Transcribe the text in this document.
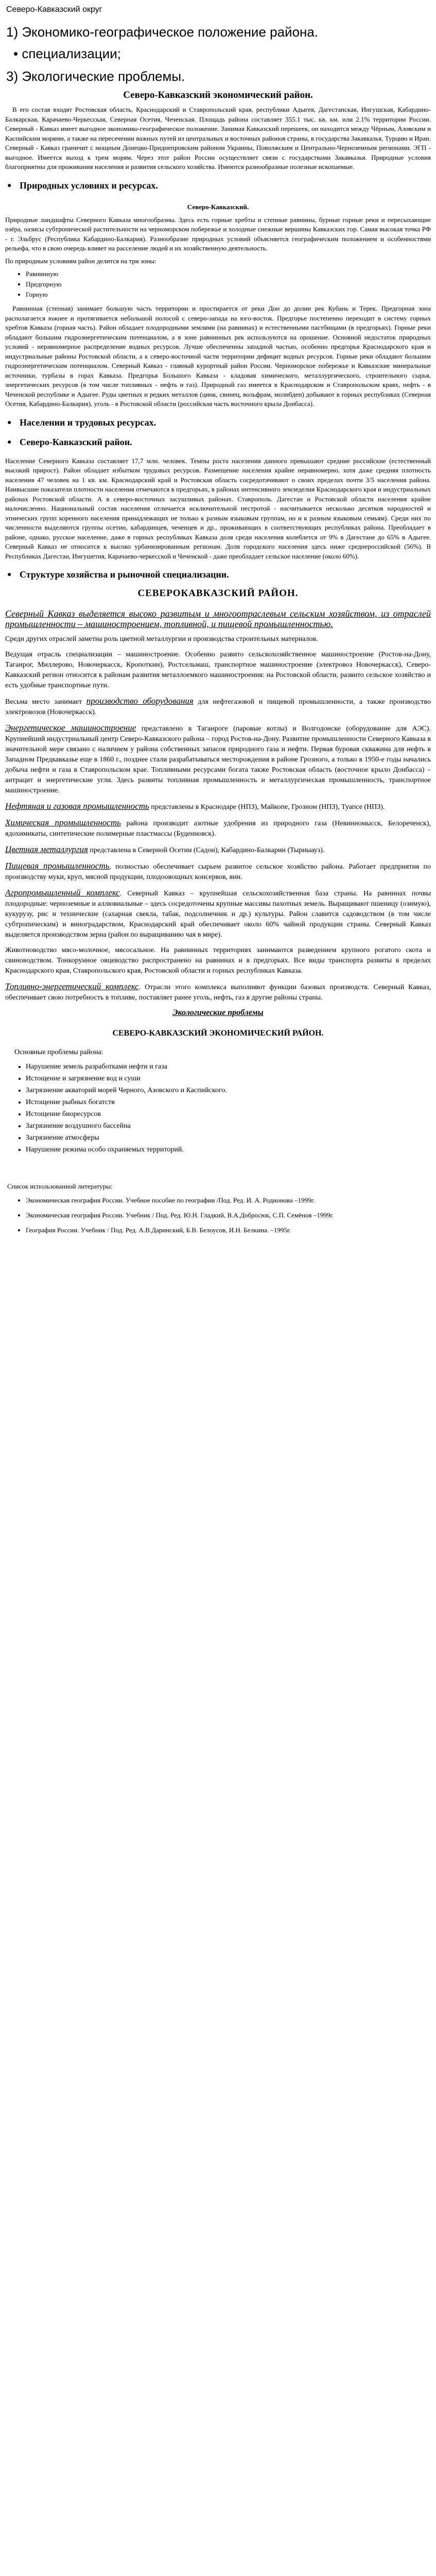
Северо-Кавказский округ
1) Экономико-географическое положение района.
• специализации;
3) Экологические проблемы.
Северо-Кавказский экономический район.

В его состав входят Ростовская область, Краснодарский и Ставропольский края, республики Адыгея, Дагестанская, Ингушская, Кабардино-Балкарская, Карачаево-Черкесская, Северная Осетия, Чеченская. Площадь района составляет 355.1 тыс. кв. км. или 2.1% территории России. Северный - Кавказ имеет выгодное экономико-географическое положение. Занимая Кавказский перешеек, он находится между Чёрным, Азовским и Каспийским морями, а также на пересечении важных путей из центральных и восточных районов страны, в государства Закавказья, Турцию и Иран. Северный - Кавказ граничит с мощным Донецко-Приднепровским районом Украины, Поволжским и Центрально-Черноземным регионами. ЭГП - выгодное. Имеется выход к трем морям. Через этот район России осуществляет связи с государствами Закавказья. Природные условия благоприятны для проживания населения и развития сельского хозяйства. Имеются разнообразные полезные ископаемые.

● Природных условиях и ресурсах.
Северо-Кавказский.

Природные ландшафты Северного Кавказа многообразны. Здесь есть горные хребты и степные равнины, бурные горные реки и пересыхающие озёра, оазисы субтропической растительности на черноморском побережье и холодные снежные вершины Кавказских гор. Самая высокая точка РФ - г. Эльбрус (Республика Кабардино-Балкария). Разнообразие природных условий объясняется географическим положением и особенностями рельефа, что в свою очередь влияет на расселение людей и их хозяйственную деятельность.

По природным условиям район делится на три зоны:

• Равнинную
• Предгорную
• Горную

Равнинная (степная) занимает большую часть территории и простирается от реки Дон до долин рек Кубань и Терек. Предгорная зона располагается южнее и протягивается небольшой полосой с северо-запада на юго-восток. Предгорье постепенно переходит в систему горных хребтов Кавказа (горная часть). Район обладает плодородными землями (на равнинах) и естественными пастбищами (в предгорьях). Горные реки обладают большим гидроэнергетическим потенциалом, а в зоне равнинных рек используются на орошение. Основной недостаток природных условий - неравномерное распределение водных ресурсов. Лучше обеспеченны западной частью, особенно предгорья Краснодарского края и индустриальные районы Ростовской области, а к северо-восточной части территории дефицит водных ресурсов. Горные реки обладают большим гидроэнергетическим потенциалом. Северный Кавказ - главный курортный район России. Черноморское побережье и Кавказские минеральные источники, турбазы в горах Кавказа. Предгорья Большого Кавказа - кладовая химического, металлургического, строительного сырья, энергетических ресурсов (в том числе топливных - нефть и газ). Природный газ имеется в Краснодарском и Ставропольском краях, нефть - в Чеченской республике и Адыгее. Руды цветных и редких металлов (цинк, свинец, вольфрам, молибден) добывают в горных республиках (Северная Осетия, Кабардино-Балкария), уголь - в Ростовской области (российская часть восточного крыла Донбасса).

● Населении и трудовых ресурсах.
● Северо-Кавказский район.

Население Северного Кавказа составляет 17,7 млн. человек. Темпы роста населения данного превышают средние российские (естественный высокий прирост). Район обладает избытком трудовых ресурсов. Размещение населения крайне неравномерно, хотя даже средняя плотность населения 47 человек на 1 кв. км. Краснодарский край и Ростовская область сосредотачивают о своих пределах почти 3/5 населения района. Наивысшие показатели плотности населения отмечаются в предгорьях, в районах интенсивного земледелия Краснодарского края и индустриальных районах Ростовской области. А в северо-восточных засушливых районах. Ставрополь. Дагестан и Ростовской области населения крайне малочисленно. Национальный состав населения отличается исключительной пестротой - насчитывается несколько десятков народностей и этнических групп коренного населения принадлежащих не только к разным языковым группам, но и к разным языковым семьям). Среди них по численности выделяются группы осетин, кабардинцев, чеченцев и др., проживающих в соответствующих республиках района. Преобладает в районе, однако, русское население, даже в горных республиках Кавказа доля среди населения колеблется от 9% в Дагестане до 65% в Адыгее. Северный Кавказ не относится к высоко урбанизированным регионам. Доля городского населения здесь ниже среднероссийской (56%). В Республиках Дагестан, Ингушетия, Карачаево-черкесской и Чеченской - даже преобладает сельское население (около 60%).

● Структуре хозяйства и рыночной специализации.
СЕВЕРОКАВКАЗСКИЙ РАЙОН.

Северный Кавказ выделяется высоко развитым и многоотраслевым сельским хозяйством, из отраслей промышленности – машиностроением, топливной, и пищевой промышленностью.

Среди других отраслей заметна роль цветной металлургии и производства строительных материалов.

Ведущая отрасль специализации – машиностроение. Особенно развито сельскохозяйственное машиностроение (Ростов-на-Дону, Таганрог, Миллерово, Новочеркасск, Кропоткин), Ростсельмаш, транспортное машиностроение (электровоз Новочеркасск), Северо-Кавказский регион относится к районам развития металлоемкого машиностроения: на Ростовской области, развито сельское хозяйство и есть удобные транспортные пути.

Весьма место занимает производство оборудования для нефтегазовой и пищевой промышленности, а также производство электровозов (Новочеркасск).

Энергетическое машиностроение представлено в Таганроге (паровые котлы) и Волгодонске (оборудование для АЭС). Крупнейший индустриальный центр Северо-Кавказского района – город Ростов-на-Дону. Развитие промышленности Северного Кавказа в значительной мере связано с наличием у района собственных запасов природного газа и нефти. Первая буровая скважина для нефть в Западном Предкавказье еще в 1860 г., позднее стали разрабатываться месторождения в районе Грозного, а только в 1950-е годы начались добыча нефти и газа в Ставропольском крае. Топливными ресурсами богата также Ростовская область (восточное крыло Донбасса) – антрацит и энергетические угли. Здесь развиты топливная промышленность и металлургическая промышленность, транспортное машиностроение.

Нефтяная и газовая промышленность представлены в Краснодаре (НПЗ), Майкопе, Грозном (НПЗ), Туапсе (НПЗ).

Химическая промышленность района производит азотные удобрения из природного газа (Невинномысск, Белореченск), ядохимикаты, синтетические полимерные пластмассы (Буденновск).

Цветная металлургия представлена в Северной Осетии (Садон), Кабардино-Балкарии (Тырныауз).

Пищевая промышленность, полностью обеспечивает сырьем развитое сельское хозяйство района. Работает предприятия по производству муки, круп, мясной продукции, плодоовощных консервов, вин.

Агропромышленный комплекс. Северный Кавказ – крупнейшая сельскохозяйственная база страны. На равнинах почвы плодородные: черноземные и аллювиальные – здесь сосредоточены крупные массивы пахотных земель. Выращивают пшеницу (озимую), кукурузу, рис и технические (сахарная свекла, табак, подсолнечник и др.) культуры. Район славится садоводством (в том числе субтропическим) и виноградарством, Краснодарский край обеспечивает около 60% чайной продукции страны. Северный Кавказ выделяется производством зерна (район по выращиванию чая в мире).

Животноводство мясо-молочное, мясосальное. На равнинных территориях занимаются разведением крупного рогатого скота и свиноводством. Тонкорунное овцеводство распространено на равнинах и в предгорьях. Все виды транспорта развиты в пределах Краснодарского края, Ставропольского края, Ростовской области и горных республиках Кавказа.

Топливно-энергетический комплекс. Отрасли этого комплекса выполняют функции базовых производств. Северный Кавказ, обеспечивает свою потребность в топливе, поставляет ранее уголь, нефть, газ в другие районы страны.

Экологические проблемы
СЕВЕРО-КАВКАЗСКИЙ ЭКОНОМИЧЕСКИЙ РАЙОН.
Основные проблемы района:
• Нарушение земель разработками нефти и газа
• Истощение и загрязнение вод и суши
• Загрязнение акваторий морей Черного, Азовского и Каспийского.
• Истощение рыбных богатств
• Истощение биоресурсов
• Загрязнение воздушного бассейна
• Загрязнение атмосферы
• Нарушение режима особо охраняемых территорий.
Список использованной литературы:
• Экономическая география России. Учебное пособие по географии /Под. Ред. И. А. Родионова –1999г.
• Экономическая география России. Учебник / Под. Ред. Ю.Н. Гладкий, В.А.Добросюк, С.П. Семёнов –1999г.
• География России. Учебник / Под. Ред. А.В.Даринский, Б.В. Белоусов, И.Н. Белкина. –1995г.
